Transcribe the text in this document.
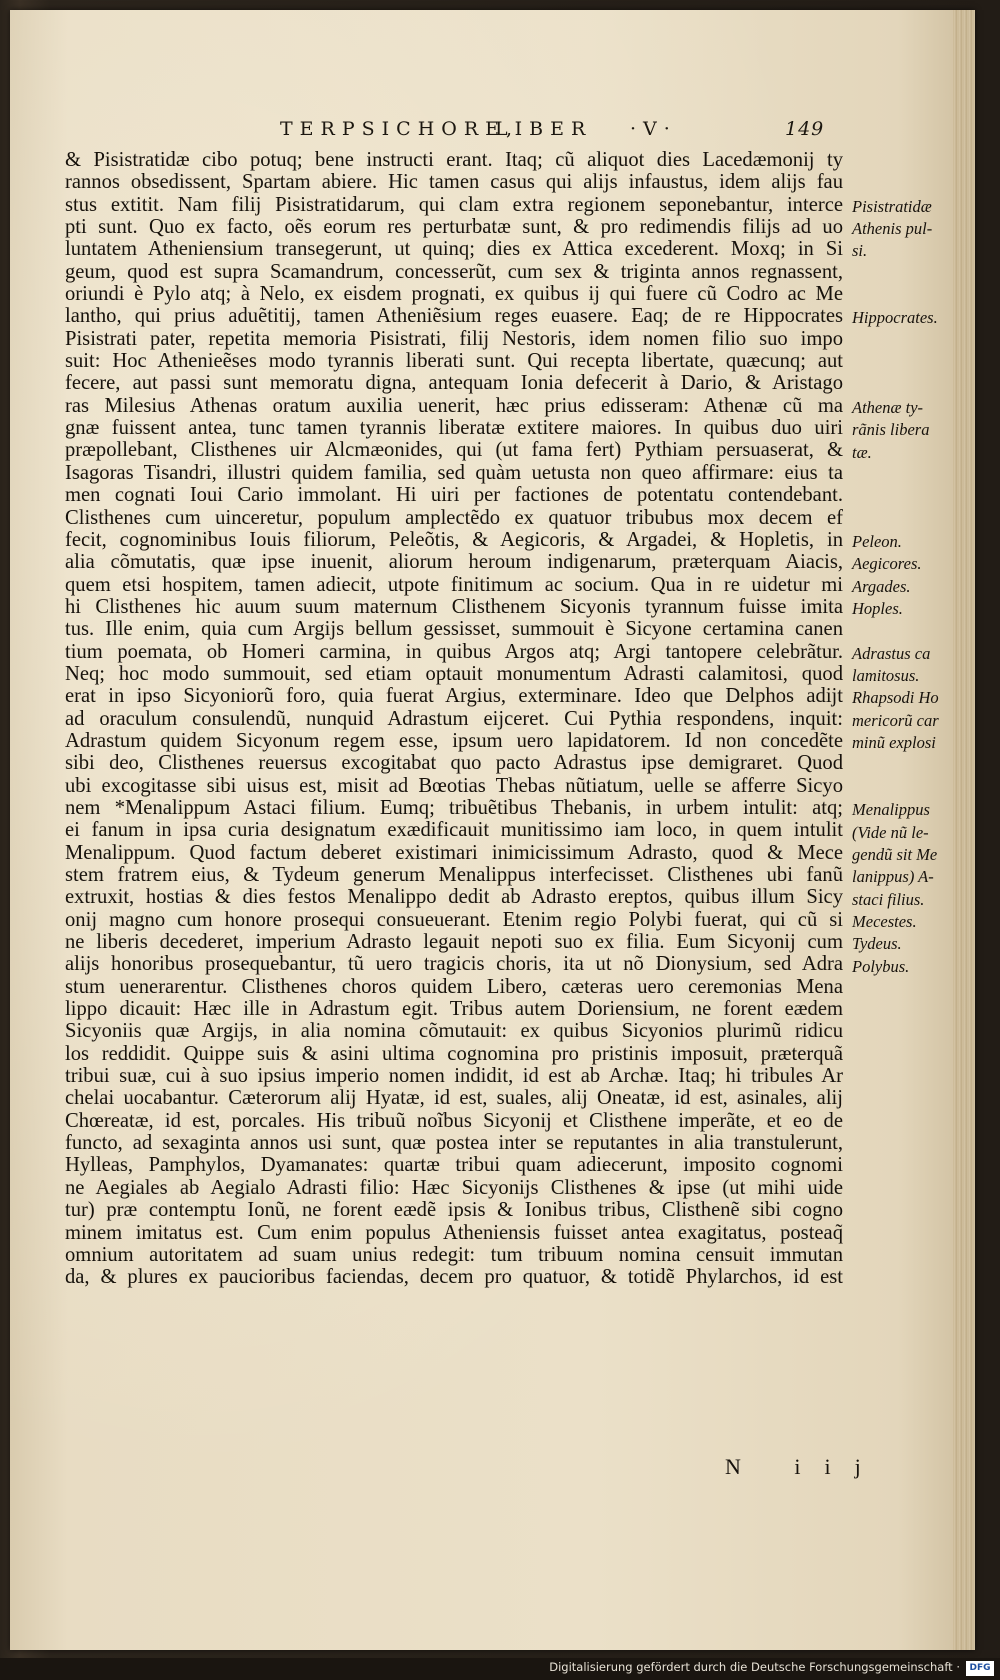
TERPSICHORE,
LIBER ·V·	149
& Pisistratidæ cibo potuq; bene instructi erant. Itaq; cũ aliquot dies Lacedæmonij ty
rannos obsedissent, Spartam abiere. Hic tamen casus qui alijs infaustus, idem alijs fau
stus extitit. Nam filij Pisistratidarum, qui clam extra regionem seponebantur, interce
pti sunt. Quo ex facto, oẽs eorum res perturbatæ sunt, & pro redimendis filijs ad uo
luntatem Atheniensium transegerunt, ut quinq; dies ex Attica excederent. Moxq; in Si
geum, quod est supra Scamandrum, concesserũt, cum sex & triginta annos regnassent,
oriundi è Pylo atq; à Nelo, ex eisdem prognati, ex quibus ij qui fuere cũ Codro ac Me
lantho, qui prius aduẽtitij, tamen Atheniẽsium reges euasere. Eaq; de re Hippocrates
Pisistrati pater, repetita memoria Pisistrati, filij Nestoris, idem nomen filio suo impo
suit: Hoc Athenieẽses modo tyrannis liberati sunt. Qui recepta libertate, quæcunq; aut
fecere, aut passi sunt memoratu digna, antequam Ionia defecerit à Dario, & Aristago
ras Milesius Athenas oratum auxilia uenerit, hæc prius edisseram: Athenæ cũ ma
gnæ fuissent antea, tunc tamen tyrannis liberatæ extitere maiores. In quibus duo uiri
præpollebant, Clisthenes uir Alcmæonides, qui (ut fama fert) Pythiam persuaserat, &
Isagoras Tisandri, illustri quidem familia, sed quàm uetusta non queo affirmare: eius ta
men cognati Ioui Cario immolant. Hi uiri per factiones de potentatu contendebant.
Clisthenes cum uinceretur, populum amplectẽdo ex quatuor tribubus mox decem ef
fecit, cognominibus Iouis filiorum, Peleõtis, & Aegicoris, & Argadei, & Hopletis, in
alia cõmutatis, quæ ipse inuenit, aliorum heroum indigenarum, præterquam Aiacis,
quem etsi hospitem, tamen adiecit, utpote finitimum ac socium. Qua in re uidetur mi
hi Clisthenes hic auum suum maternum Clisthenem Sicyonis tyrannum fuisse imita
tus. Ille enim, quia cum Argijs bellum gessisset, summouit è Sicyone certamina canen
tium poemata, ob Homeri carmina, in quibus Argos atq; Argi tantopere celebrãtur.
Neq; hoc modo summouit, sed etiam optauit monumentum Adrasti calamitosi, quod
erat in ipso Sicyoniorũ foro, quia fuerat Argius, exterminare. Ideo que Delphos adijt
ad oraculum consulendũ, nunquid Adrastum eijceret. Cui Pythia respondens, inquit:
Adrastum quidem Sicyonum regem esse, ipsum uero lapidatorem. Id non concedẽte
sibi deo, Clisthenes reuersus excogitabat quo pacto Adrastus ipse demigraret. Quod
ubi excogitasse sibi uisus est, misit ad Bœotias Thebas nũtiatum, uelle se afferre Sicyo
nem *Menalippum Astaci filium. Eumq; tribuẽtibus Thebanis, in urbem intulit: atq;
ei fanum in ipsa curia designatum exædificauit munitissimo iam loco, in quem intulit
Menalippum. Quod factum deberet existimari inimicissimum Adrasto, quod & Mece
stem fratrem eius, & Tydeum generum Menalippus interfecisset. Clisthenes ubi fanũ
extruxit, hostias & dies festos Menalippo dedit ab Adrasto ereptos, quibus illum Sicy
onij magno cum honore prosequi consueuerant. Etenim regio Polybi fuerat, qui cũ si
ne liberis decederet, imperium Adrasto legauit nepoti suo ex filia. Eum Sicyonij cum
alijs honoribus prosequebantur, tũ uero tragicis choris, ita ut nõ Dionysium, sed Adra
stum uenerarentur. Clisthenes choros quidem Libero, cæteras uero ceremonias Mena
lippo dicauit: Hæc ille in Adrastum egit. Tribus autem Doriensium, ne forent eædem
Sicyoniis quæ Argijs, in alia nomina cõmutauit: ex quibus Sicyonios plurimũ ridicu
los reddidit. Quippe suis & asini ultima cognomina pro pristinis imposuit, præterquã
tribui suæ, cui à suo ipsius imperio nomen indidit, id est ab Archæ. Itaq; hi tribules Ar
chelai uocabantur. Cæterorum alij Hyatæ, id est, suales, alij Oneatæ, id est, asinales, alij
Chœreatæ, id est, porcales. His tribuũ noĩbus Sicyonij et Clisthene imperãte, et eo de
functo, ad sexaginta annos usi sunt, quæ postea inter se reputantes in alia transtulerunt,
Hylleas, Pamphylos, Dyamanates: quartæ tribui quam adiecerunt, imposito cognomi
ne Aegiales ab Aegialo Adrasti filio: Hæc Sicyonijs Clisthenes & ipse (ut mihi uide
tur) præ contemptu Ionũ, ne forent eædẽ ipsis & Ionibus tribus, Clisthenẽ sibi cogno
minem imitatus est. Cum enim populus Atheniensis fuisset antea exagitatus, posteaq̃
omnium autoritatem ad suam unius redegit: tum tribuum nomina censuit immutan
da, & plures ex paucioribus faciendas, decem pro quatuor, & totidẽ Phylarchos, id est
Pisistratidæ
Athenis pul-
si.
Hippocrates.
Athenæ ty-
rãnis libera
tæ.
Peleon.
Aegicores.
Argades.
Hoples.
Adrastus ca
lamitosus.
Rhapsodi Ho
mericorũ car
minũ explosi
Menalippus
(Vide nũ le-
gendũ sit Me
lanippus) A-
staci filius.
Mecestes.
Tydeus.
Polybus.
N iij
Digitalisierung gefördert durch die Deutsche Forschungsgemeinschaft ·	DFG
